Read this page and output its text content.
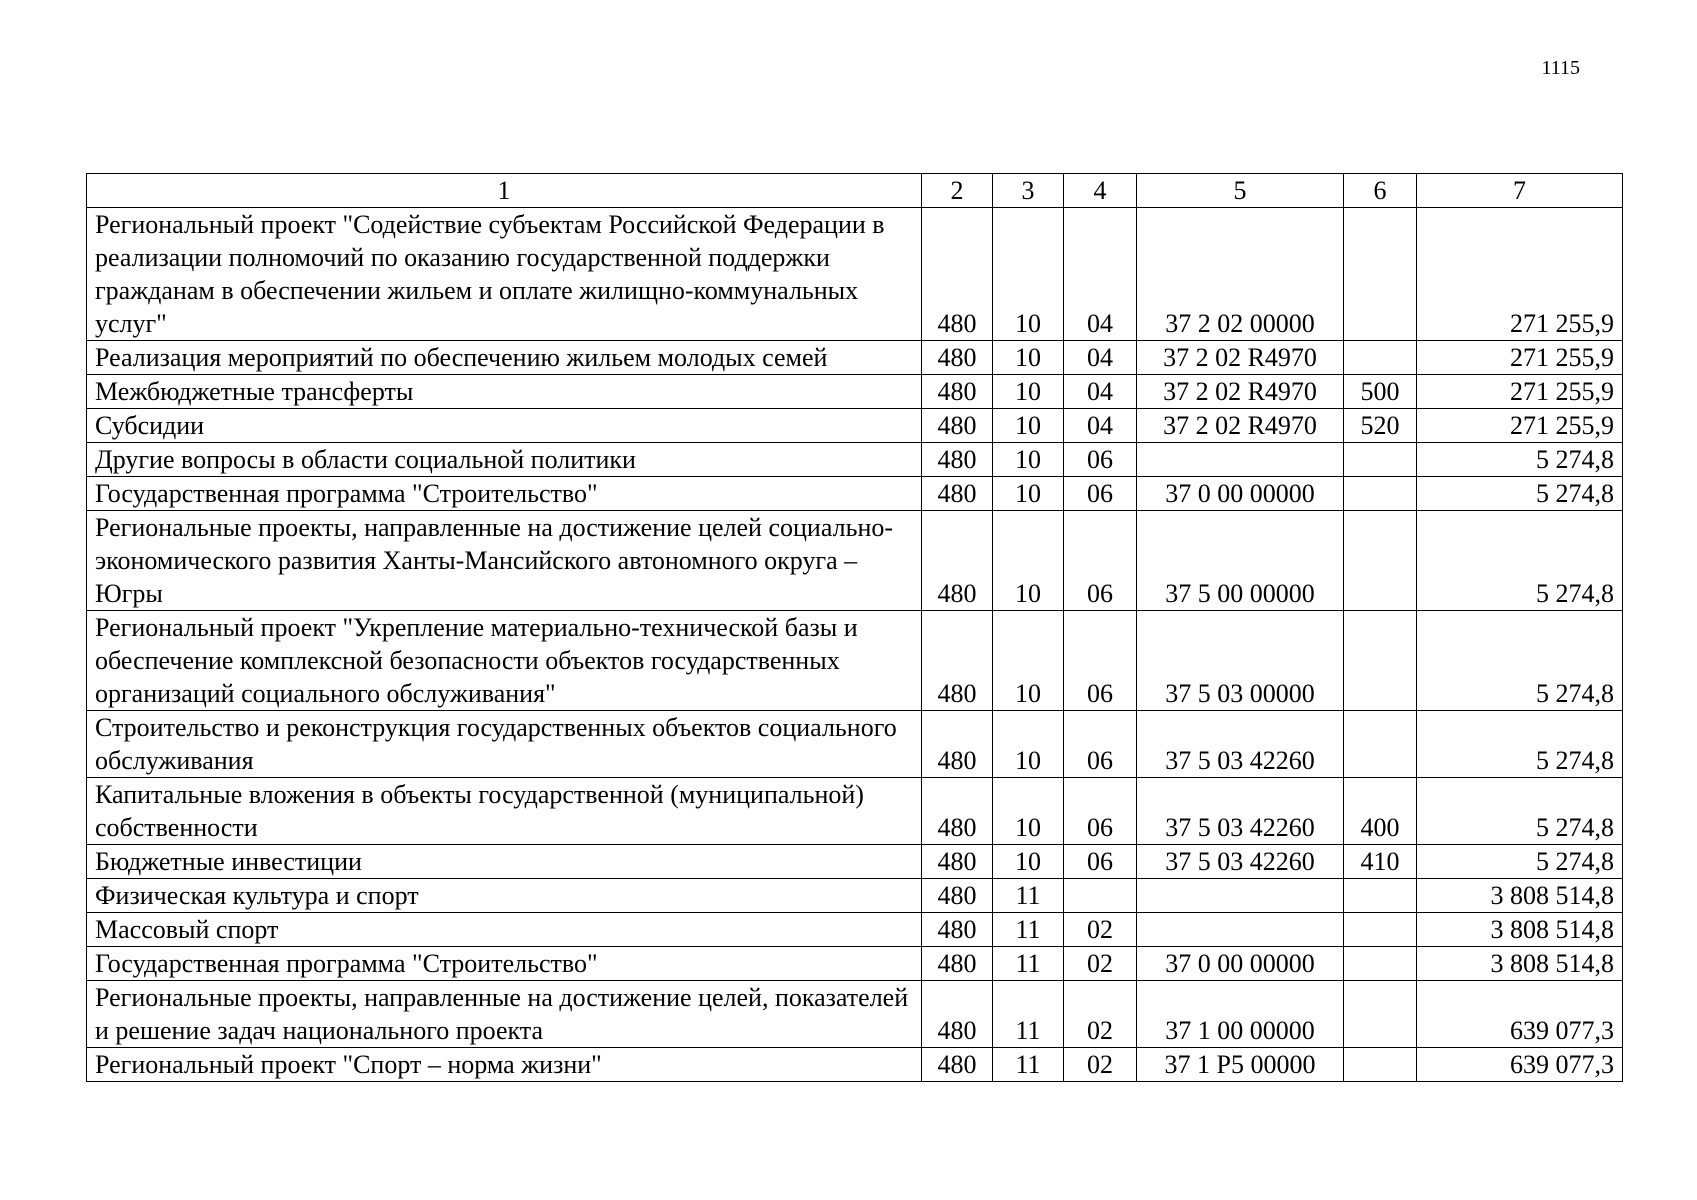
1115
1	2	3	4	5	6	7
Региональный проект "Содействие субъектам Российской Федерации в реализации полномочий по оказанию государственной поддержки гражданам в обеспечении жильем и оплате жилищно-коммунальных услуг"	480	10	04	37 2 02 00000		271 255,9
Реализация мероприятий по обеспечению жильем молодых семей	480	10	04	37 2 02 R4970		271 255,9
Межбюджетные трансферты	480	10	04	37 2 02 R4970	500	271 255,9
Субсидии	480	10	04	37 2 02 R4970	520	271 255,9
Другие вопросы в области социальной политики	480	10	06			5 274,8
Государственная программа "Строительство"	480	10	06	37 0 00 00000		5 274,8
Региональные проекты, направленные на достижение целей социально-экономического развития Ханты-Мансийского автономного округа – Югры	480	10	06	37 5 00 00000		5 274,8
Региональный проект "Укрепление материально-технической базы и обеспечение комплексной безопасности объектов государственных организаций социального обслуживания"	480	10	06	37 5 03 00000		5 274,8
Строительство и реконструкция государственных объектов социального обслуживания	480	10	06	37 5 03 42260		5 274,8
Капитальные вложения в объекты государственной (муниципальной) собственности	480	10	06	37 5 03 42260	400	5 274,8
Бюджетные инвестиции	480	10	06	37 5 03 42260	410	5 274,8
Физическая культура и спорт	480	11				3 808 514,8
Массовый спорт	480	11	02			3 808 514,8
Государственная программа "Строительство"	480	11	02	37 0 00 00000		3 808 514,8
Региональные проекты, направленные на достижение целей, показателей и решение задач национального проекта	480	11	02	37 1 00 00000		639 077,3
Региональный проект "Спорт – норма жизни"	480	11	02	37 1 P5 00000		639 077,3
